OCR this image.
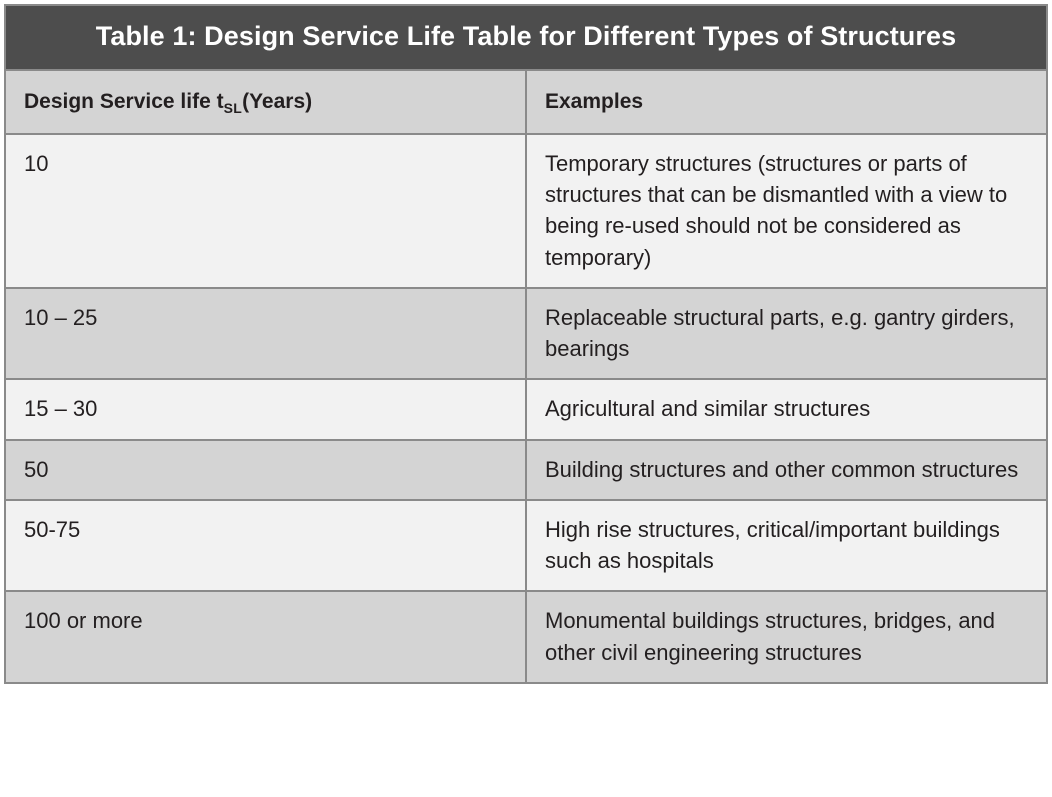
Table 1: Design Service Life Table for Different Types of Structures	
Design Service life $t_{SL}(Years)$	Examples
10	Temporary structures (structures or parts of structures that can be dismantled with a view to being re-used should not be considered as temporary)
10 – 25	Replaceable structural parts, e.g. gantry girders, bearings
15 – 30	Agricultural and similar structures
50	Building structures and other common structures
50-75	High rise structures, critical/important buildings such as hospitals
100 or more	Monumental buildings structures, bridges, and other civil engineering structures
